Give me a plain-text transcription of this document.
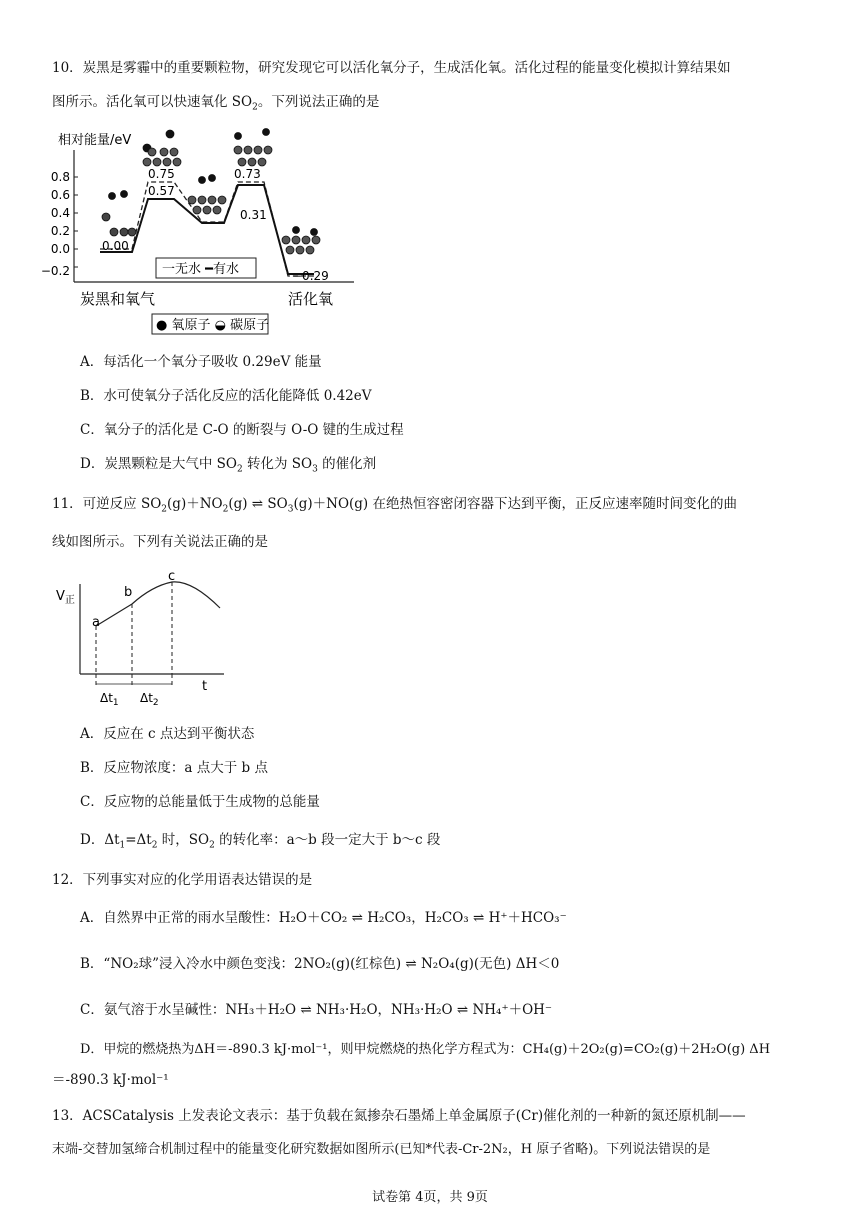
10．炭黑是雾霾中的重要颗粒物，研究发现它可以活化氧分子，生成活化氧。活化过程的能量变化模拟计算结果如
图所示。活化氧可以快速氧化 $SO_2$。下列说法正确的是
相对能量/eV
0.8
0.6
0.4
0.2
0.0
−0.2
0.75
0.57
0.73
0.31
0.00
−0.29
一无水 ━有水
炭黑和氧气	活化氧
● 氧原子 ◒ 碳原子
A．每活化一个氧分子吸收 0.29eV 能量
B．水可使氧分子活化反应的活化能降低 0.42eV
C．氧分子的活化是 C-O 的断裂与 O-O 键的生成过程
D．炭黑颗粒是大气中 $SO_2$ 转化为 $SO_3$ 的催化剂
11．可逆反应 $SO_2(g)+NO_2(g)$ ⇌ $SO_3(g)+NO(g)$ 在绝热恒容密闭容器下达到平衡，正反应速率随时间变化的曲
线如图所示。下列有关说法正确的是
$V_正$
a
b
c
t
$\Delta t_1$ $\Delta t_2$
A．反应在 c 点达到平衡状态
B．反应物浓度：a 点大于 b 点
C．反应物的总能量低于生成物的总能量
D．$\Delta t_1=\Delta t_2$ 时，$SO_2$ 的转化率：a～b 段一定大于 b～c 段
12．下列事实对应的化学用语表达错误的是
A．自然界中正常的雨水呈酸性：H₂O＋CO₂ ⇌ H₂CO₃，H₂CO₃ ⇌ H⁺＋HCO₃⁻
B．“NO₂球”浸入冷水中颜色变浅：2NO₂(g)(红棕色) ⇌ N₂O₄(g)(无色) ΔH＜0
C．氨气溶于水呈碱性：NH₃＋H₂O ⇌ NH₃·H₂O，NH₃·H₂O ⇌ NH₄⁺＋OH⁻
D．甲烷的燃烧热为ΔH＝-890.3 kJ·mol⁻¹，则甲烷燃烧的热化学方程式为：CH₄(g)＋2O₂(g)=CO₂(g)＋2H₂O(g) ΔH
＝-890.3 kJ·mol⁻¹
13．ACSCatalysis 上发表论文表示：基于负载在氮掺杂石墨烯上单金属原子(Cr)催化剂的一种新的氮还原机制——
末端-交替加氢缔合机制过程中的能量变化研究数据如图所示(已知*代表-Cr-2N₂，H 原子省略)。下列说法错误的是
试卷第 4页，共 9页
